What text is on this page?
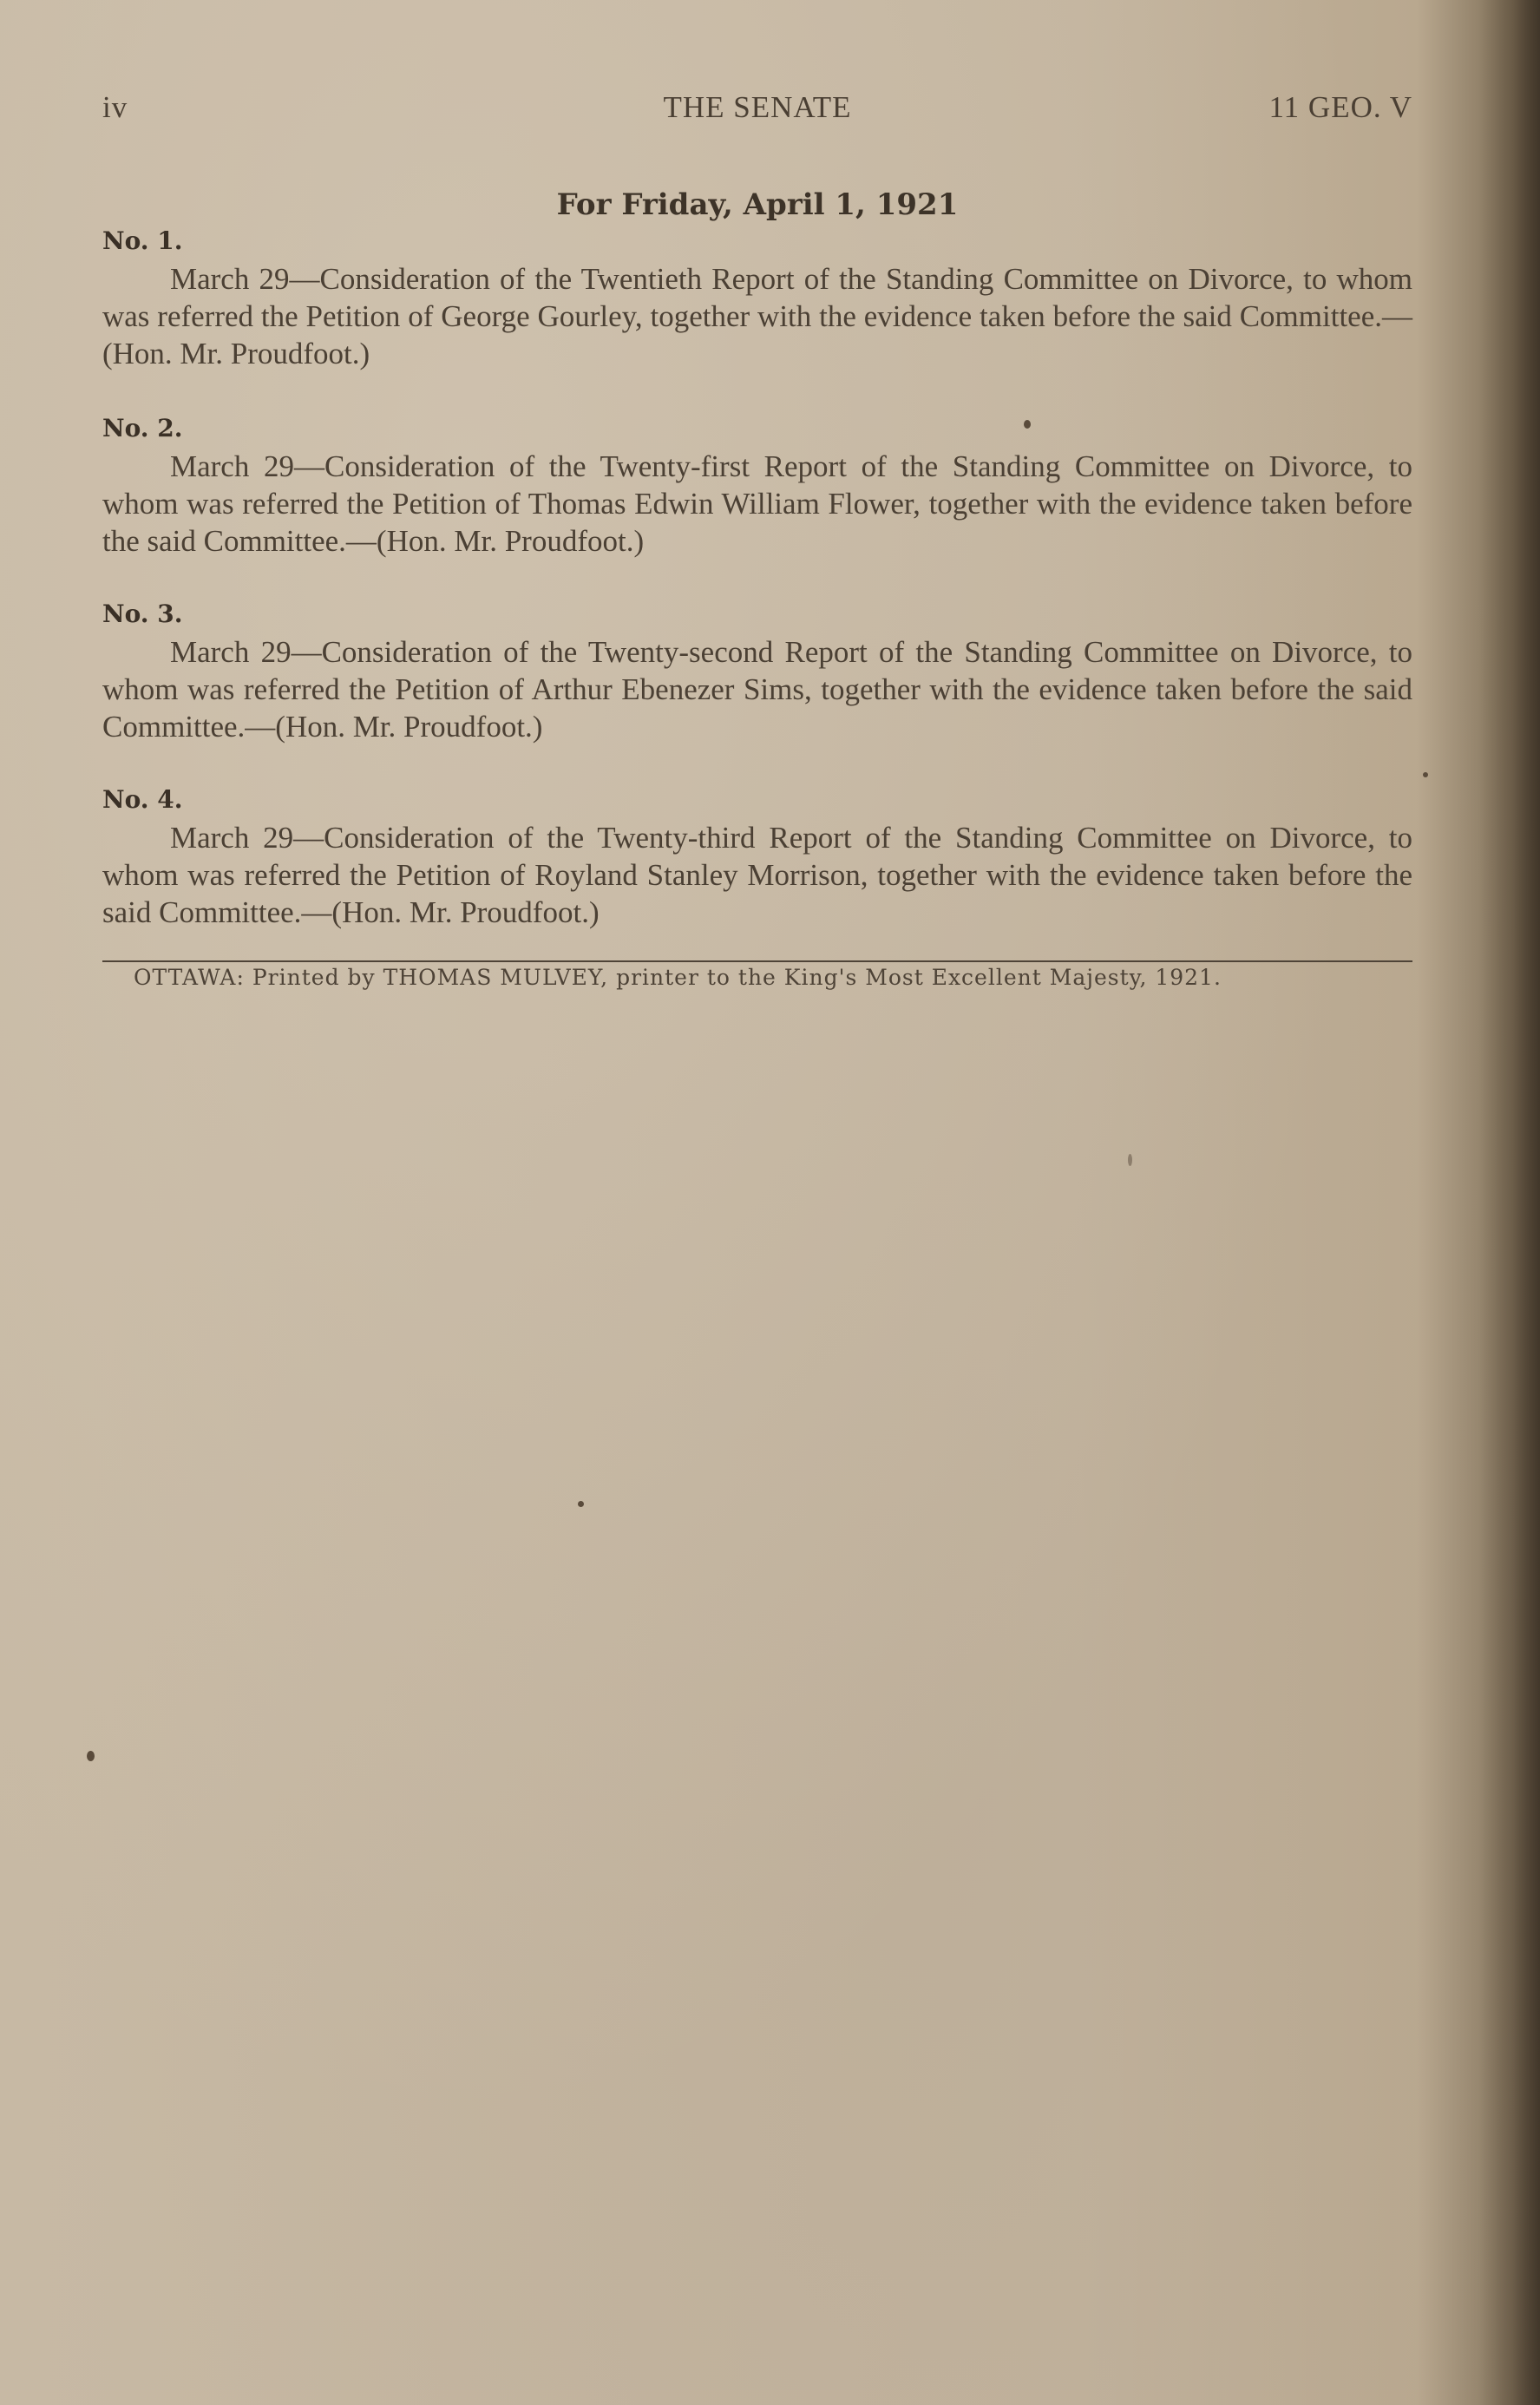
iv	THE SENATE	11 GEO. V
For Friday, April 1, 1921
No. 1.
March 29—Consideration of the Twentieth Report of the Standing Committee on Divorce, to whom was referred the Petition of George Gourley, together with the evidence taken before the said Committee.—(Hon. Mr. Proudfoot.)
No. 2.
March 29—Consideration of the Twenty-first Report of the Standing Committee on Divorce, to whom was referred the Petition of Thomas Edwin William Flower, together with the evidence taken before the said Committee.—(Hon. Mr. Proudfoot.)
No. 3.
March 29—Consideration of the Twenty-second Report of the Standing Committee on Divorce, to whom was referred the Petition of Arthur Ebenezer Sims, together with the evidence taken before the said Committee.—(Hon. Mr. Proudfoot.)
No. 4.
March 29—Consideration of the Twenty-third Report of the Standing Committee on Divorce, to whom was referred the Petition of Royland Stanley Morrison, together with the evidence taken before the said Committee.—(Hon. Mr. Proudfoot.)
OTTAWA: Printed by THOMAS MULVEY, printer to the King's Most Excellent Majesty, 1921.
